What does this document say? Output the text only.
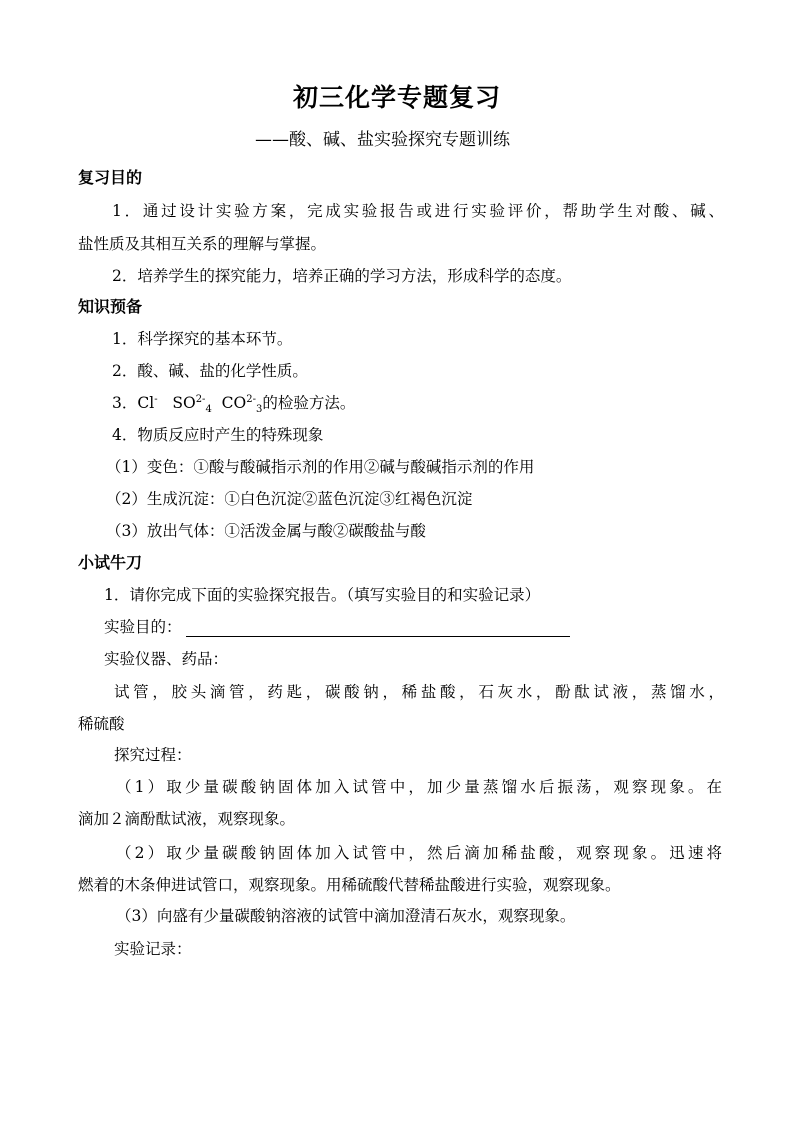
初三化学专题复习
——酸、碱、盐实验探究专题训练
复习目的
1．通过设计实验方案，完成实验报告或进行实验评价，帮助学生对酸、碱、
盐性质及其相互关系的理解与掌握。
2．培养学生的探究能力，培养正确的学习方法，形成科学的态度。
知识预备
1．科学探究的基本环节。
2．酸、碱、盐的化学性质。
3．Cl- $SO^{2-}_4$ $CO^{2-}_3$的检验方法。
4．物质反应时产生的特殊现象
（1）变色：①酸与酸碱指示剂的作用②碱与酸碱指示剂的作用
（2）生成沉淀：①白色沉淀②蓝色沉淀③红褐色沉淀
（3）放出气体：①活泼金属与酸②碳酸盐与酸
小试牛刀
1．请你完成下面的实验探究报告。（填写实验目的和实验记录）
实验目的：
实验仪器、药品：
试管，胶头滴管，药匙，碳酸钠，稀盐酸，石灰水，酚酞试液，蒸馏水，
稀硫酸
探究过程：
（1）取少量碳酸钠固体加入试管中，加少量蒸馏水后振荡，观察现象。在
滴加２滴酚酞试液，观察现象。
（2）取少量碳酸钠固体加入试管中，然后滴加稀盐酸，观察现象。迅速将
燃着的木条伸进试管口，观察现象。用稀硫酸代替稀盐酸进行实验，观察现象。
（3）向盛有少量碳酸钠溶液的试管中滴加澄清石灰水，观察现象。
实验记录：
